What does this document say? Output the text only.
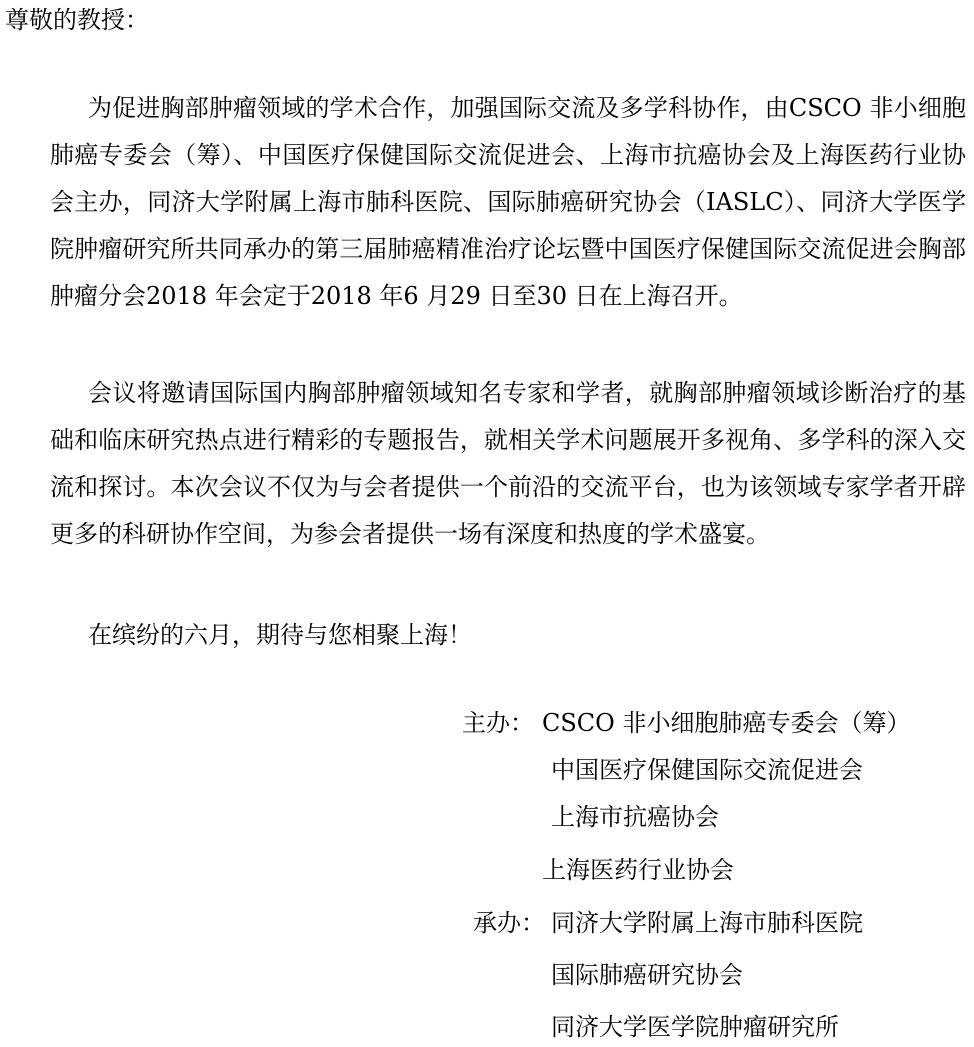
尊敬的教授：

为促进胸部肿瘤领域的学术合作，加强国际交流及多学科协作，由CSCO 非小细胞肺癌专委会（筹）、中国医疗保健国际交流促进会、上海市抗癌协会及上海医药行业协会主办，同济大学附属上海市肺科医院、国际肺癌研究协会（IASLC）、同济大学医学院肿瘤研究所共同承办的第三届肺癌精准治疗论坛暨中国医疗保健国际交流促进会胸部肿瘤分会2018 年会定于2018 年6 月29 日至30 日在上海召开。

会议将邀请国际国内胸部肿瘤领域知名专家和学者，就胸部肿瘤领域诊断治疗的基础和临床研究热点进行精彩的专题报告，就相关学术问题展开多视角、多学科的深入交流和探讨。本次会议不仅为与会者提供一个前沿的交流平台，也为该领域专家学者开辟更多的科研协作空间，为参会者提供一场有深度和热度的学术盛宴。

在缤纷的六月，期待与您相聚上海！

主办： CSCO 非小细胞肺癌专委会（筹）
中国医疗保健国际交流促进会
上海市抗癌协会
上海医药行业协会
承办： 同济大学附属上海市肺科医院
国际肺癌研究协会
同济大学医学院肿瘤研究所
